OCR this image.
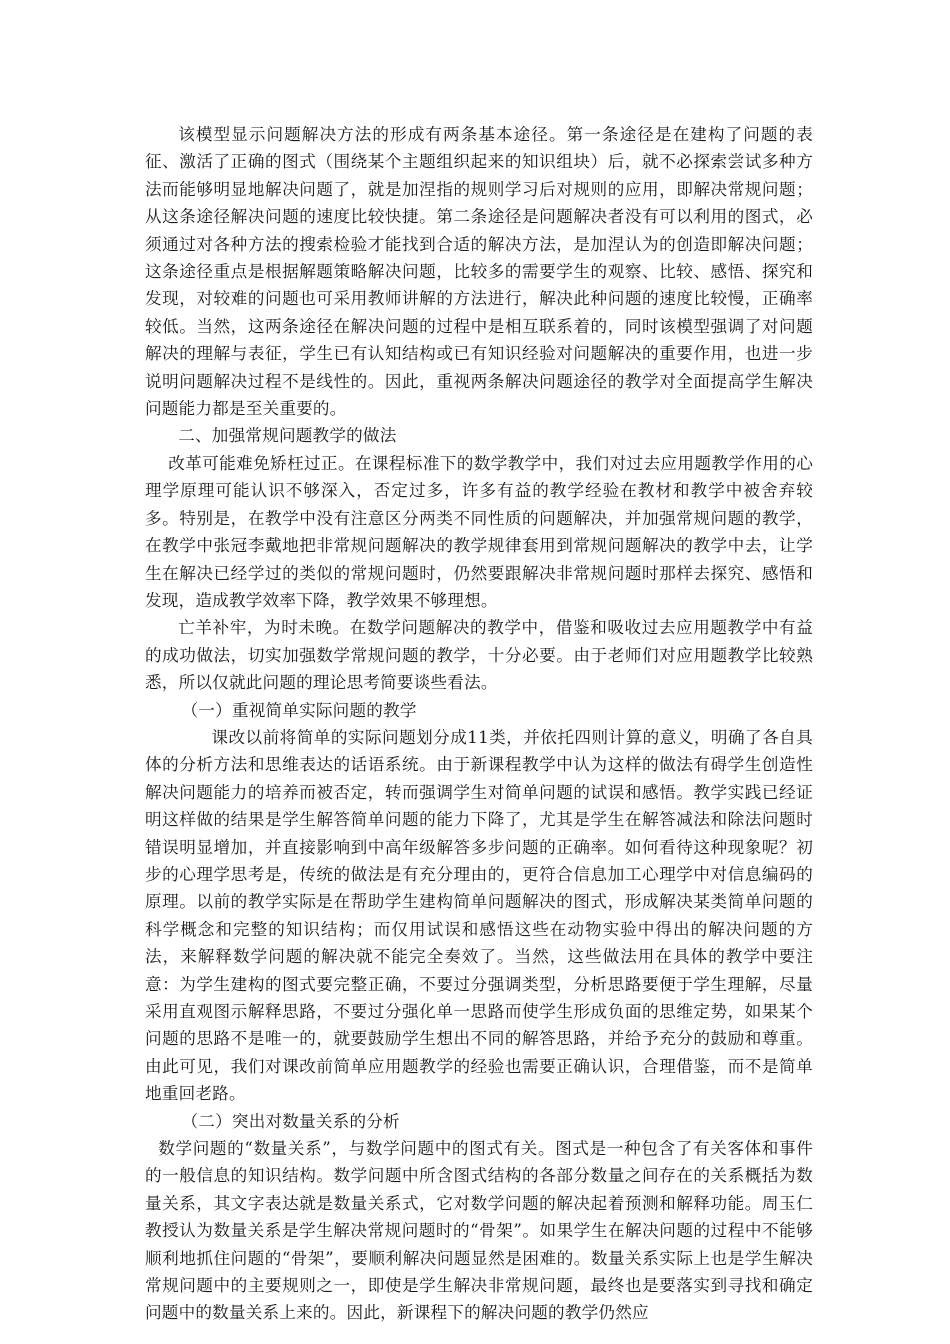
该模型显示问题解决方法的形成有两条基本途径。第一条途径是在建构了问题的表征、激活了正确的图式（围绕某个主题组织起来的知识组块）后，就不必探索尝试多种方法而能够明显地解决问题了，就是加涅指的规则学习后对规则的应用，即解决常规问题；从这条途径解决问题的速度比较快捷。第二条途径是问题解决者没有可以利用的图式，必须通过对各种方法的搜索检验才能找到合适的解决方法，是加涅认为的创造即解决问题；这条途径重点是根据解题策略解决问题，比较多的需要学生的观察、比较、感悟、探究和发现，对较难的问题也可采用教师讲解的方法进行，解决此种问题的速度比较慢，正确率较低。当然，这两条途径在解决问题的过程中是相互联系着的，同时该模型强调了对问题解决的理解与表征，学生已有认知结构或已有知识经验对问题解决的重要作用，也进一步说明问题解决过程不是线性的。因此，重视两条解决问题途径的教学对全面提高学生解决问题能力都是至关重要的。

二、加强常规问题教学的做法

改革可能难免矫枉过正。在课程标准下的数学教学中，我们对过去应用题教学作用的心理学原理可能认识不够深入，否定过多，许多有益的教学经验在教材和教学中被舍弃较多。特别是，在教学中没有注意区分两类不同性质的问题解决，并加强常规问题的教学，在教学中张冠李戴地把非常规问题解决的教学规律套用到常规问题解决的教学中去，让学生在解决已经学过的类似的常规问题时，仍然要跟解决非常规问题时那样去探究、感悟和发现，造成教学效率下降，教学效果不够理想。

亡羊补牢，为时未晚。在数学问题解决的教学中，借鉴和吸收过去应用题教学中有益的成功做法，切实加强数学常规问题的教学，十分必要。由于老师们对应用题教学比较熟悉，所以仅就此问题的理论思考简要谈些看法。

（一）重视简单实际问题的教学

课改以前将简单的实际问题划分成11类，并依托四则计算的意义，明确了各自具体的分析方法和思维表达的话语系统。由于新课程教学中认为这样的做法有碍学生创造性解决问题能力的培养而被否定，转而强调学生对简单问题的试误和感悟。教学实践已经证明这样做的结果是学生解答简单问题的能力下降了，尤其是学生在解答减法和除法问题时错误明显增加，并直接影响到中高年级解答多步问题的正确率。如何看待这种现象呢？初步的心理学思考是，传统的做法是有充分理由的，更符合信息加工心理学中对信息编码的原理。以前的教学实际是在帮助学生建构简单问题解决的图式，形成解决某类简单问题的科学概念和完整的知识结构；而仅用试误和感悟这些在动物实验中得出的解决问题的方法，来解释数学问题的解决就不能完全奏效了。当然，这些做法用在具体的教学中要注意：为学生建构的图式要完整正确，不要过分强调类型，分析思路要便于学生理解，尽量采用直观图示解释思路，不要过分强化单一思路而使学生形成负面的思维定势，如果某个问题的思路不是唯一的，就要鼓励学生想出不同的解答思路，并给予充分的鼓励和尊重。由此可见，我们对课改前简单应用题教学的经验也需要正确认识，合理借鉴，而不是简单地重回老路。

（二）突出对数量关系的分析

数学问题的“数量关系”，与数学问题中的图式有关。图式是一种包含了有关客体和事件的一般信息的知识结构。数学问题中所含图式结构的各部分数量之间存在的关系概括为数量关系，其文字表达就是数量关系式，它对数学问题的解决起着预测和解释功能。周玉仁教授认为数量关系是学生解决常规问题时的“骨架”。如果学生在解决问题的过程中不能够顺利地抓住问题的“骨架”，要顺利解决问题显然是困难的。数量关系实际上也是学生解决常规问题中的主要规则之一，即使是学生解决非常规问题，最终也是要落实到寻找和确定问题中的数量关系上来的。因此，新课程下的解决问题的教学仍然应
